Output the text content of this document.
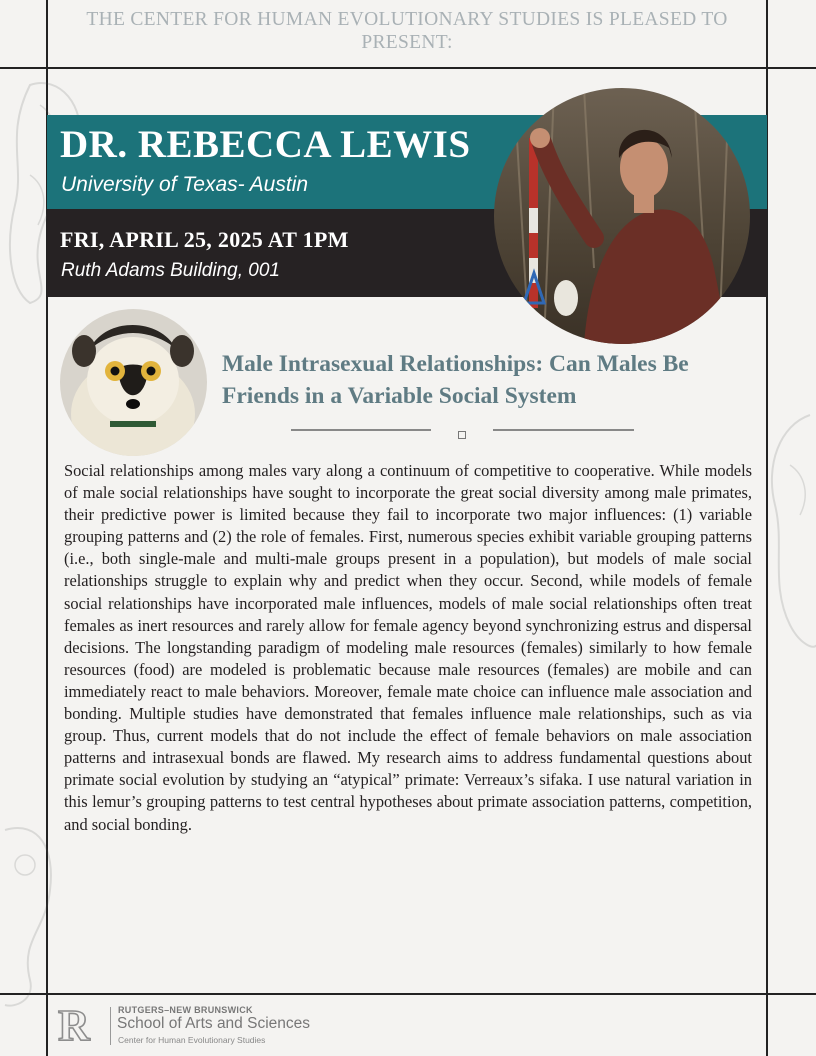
THE CENTER FOR HUMAN EVOLUTIONARY STUDIES IS PLEASED TO PRESENT:
DR. REBECCA LEWIS
University of Texas- Austin
FRI, APRIL 25, 2025 AT 1PM
Ruth Adams Building, 001
Male Intrasexual Relationships: Can Males Be Friends in a Variable Social System

Social relationships among males vary along a continuum of competitive to cooperative. While models of male social relationships have sought to incorporate the great social diversity among male primates, their predictive power is limited because they fail to incorporate two major influences: (1) variable grouping patterns and (2) the role of females. First, numerous species exhibit variable grouping patterns (i.e., both single-male and multi-male groups present in a population), but models of male social relationships struggle to explain why and predict when they occur. Second, while models of female social relationships have incorporated male influences, models of male social relationships often treat females as inert resources and rarely allow for female agency beyond synchronizing estrus and dispersal decisions. The longstanding paradigm of modeling male resources (females) similarly to how female resources (food) are modeled is problematic because male resources (females) are mobile and can immediately react to male behaviors. Moreover, female mate choice can influence male association and bonding. Multiple studies have demonstrated that females influence male relationships, such as via group. Thus, current models that do not include the effect of female behaviors on male association patterns and intrasexual bonds are flawed. My research aims to address fundamental questions about primate social evolution by studying an “atypical” primate: Verreaux’s sifaka. I use natural variation in this lemur’s grouping patterns to test central hypotheses about primate association patterns, competition, and social bonding.

R	RUTGERS–NEW BRUNSWICK
School of Arts and Sciences
Center for Human Evolutionary Studies
